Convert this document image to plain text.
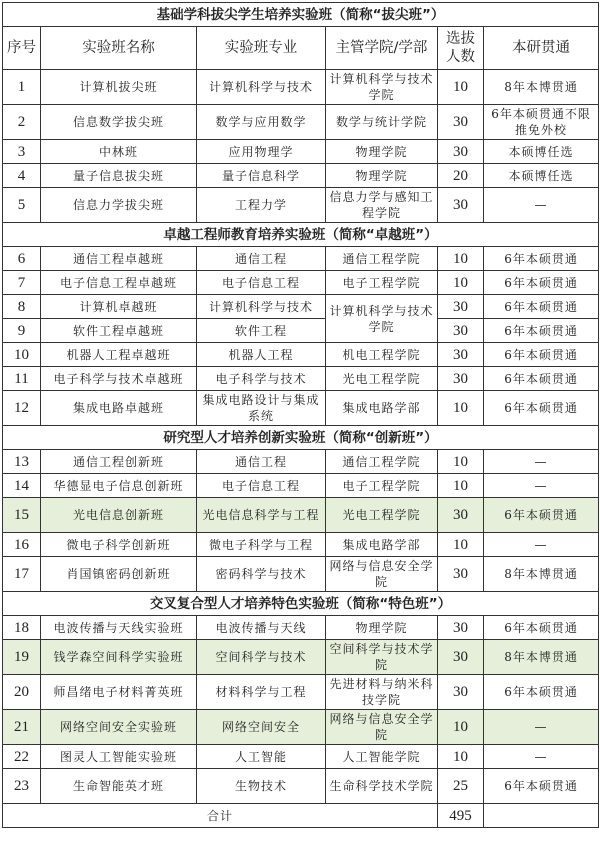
基础学科拔尖学生培养实验班（简称“拔尖班”）					
序号	实验班名称	实验班专业	主管学院/学部	选拔人数	本研贯通
1	计算机拔尖班	计算机科学与技术	计算机科学与技术学院	10	8年本博贯通
2	信息数学拔尖班	数学与应用数学	数学与统计学院	30	6年本硕贯通不限推免外校
3	中林班	应用物理学	物理学院	30	本硕博任选
4	量子信息拔尖班	量子信息科学	物理学院	20	本硕博任选
5	信息力学拔尖班	工程力学	信息力学与感知工程学院	30	—
卓越工程师教育培养实验班（简称“卓越班”）					
6	通信工程卓越班	通信工程	通信工程学院	10	6年本硕贯通
7	电子信息工程卓越班	电子信息工程	电子工程学院	10	6年本硕贯通
8	计算机卓越班	计算机科学与技术	计算机科学与技术学院	30	6年本硕贯通
9	软件工程卓越班	软件工程		30	6年本硕贯通
10	机器人工程卓越班	机器人工程	机电工程学院	30	6年本硕贯通
11	电子科学与技术卓越班	电子科学与技术	光电工程学院	30	6年本硕贯通
12	集成电路卓越班	集成电路设计与集成系统	集成电路学部	10	6年本硕贯通
研究型人才培养创新实验班（简称“创新班”）					
13	通信工程创新班	通信工程	通信工程学院	10	—
14	华德显电子信息创新班	电子信息工程	电子工程学院	10	—
15	光电信息创新班	光电信息科学与工程	光电工程学院	30	6年本硕贯通
16	微电子科学创新班	微电子科学与工程	集成电路学部	10	—
17	肖国镇密码创新班	密码科学与技术	网络与信息安全学院	30	8年本博贯通
交叉复合型人才培养特色实验班（简称“特色班”）					
18	电波传播与天线实验班	电波传播与天线	物理学院	30	6年本硕贯通
19	钱学森空间科学实验班	空间科学与技术	空间科学与技术学院	30	8年本博贯通
20	师昌绪电子材料菁英班	材料科学与工程	先进材料与纳米科技学院	30	6年本硕贯通
21	网络空间安全实验班	网络空间安全	网络与信息安全学院	10	—
22	图灵人工智能实验班	人工智能	人工智能学院	10	—
23	生命智能英才班	生物技术	生命科学技术学院	25	6年本硕贯通
合计				495	
